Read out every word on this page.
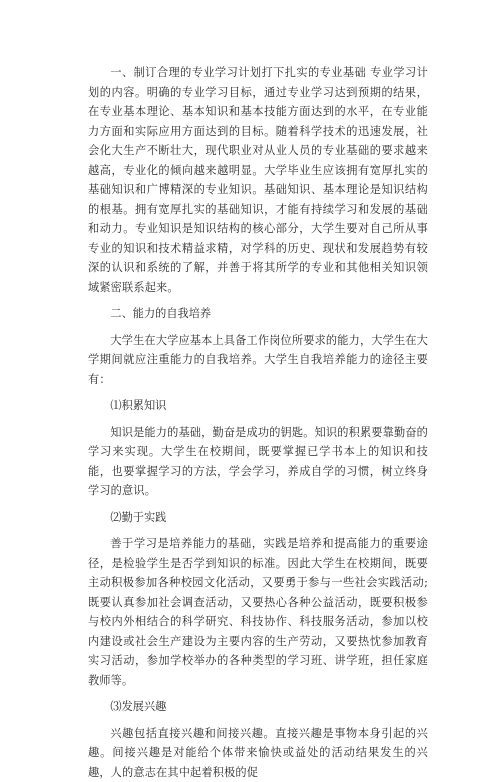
一、制订合理的专业学习计划打下扎实的专业基础 专业学习计划的内容。明确的专业学习目标，通过专业学习达到预期的结果，在专业基本理论、基本知识和基本技能方面达到的水平，在专业能力方面和实际应用方面达到的目标。随着科学技术的迅速发展，社会化大生产不断壮大，现代职业对从业人员的专业基础的要求越来越高，专业化的倾向越来越明显。大学毕业生应该拥有宽厚扎实的基础知识和广博精深的专业知识。基础知识、基本理论是知识结构的根基。拥有宽厚扎实的基础知识，才能有持续学习和发展的基础和动力。专业知识是知识结构的核心部分，大学生要对自己所从事专业的知识和技术精益求精，对学科的历史、现状和发展趋势有较深的认识和系统的了解，并善于将其所学的专业和其他相关知识领域紧密联系起来。

二、能力的自我培养

大学生在大学应基本上具备工作岗位所要求的能力，大学生在大学期间就应注重能力的自我培养。大学生自我培养能力的途径主要有：

⑴积累知识

知识是能力的基础，勤奋是成功的钥匙。知识的积累要靠勤奋的学习来实现。大学生在校期间，既要掌握已学书本上的知识和技能，也要掌握学习的方法，学会学习，养成自学的习惯，树立终身学习的意识。

⑵勤于实践

善于学习是培养能力的基础，实践是培养和提高能力的重要途径，是检验学生是否学到知识的标准。因此大学生在校期间，既要主动积极参加各种校园文化活动，又要勇于参与一些社会实践活动;既要认真参加社会调查活动，又要热心各种公益活动，既要积极参与校内外相结合的科学研究、科技协作、科技服务活动，参加以校内建设或社会生产建设为主要内容的生产劳动，又要热忱参加教育实习活动，参加学校举办的各种类型的学习班、讲学班，担任家庭教师等。

⑶发展兴趣

兴趣包括直接兴趣和间接兴趣。直接兴趣是事物本身引起的兴趣。间接兴趣是对能给个体带来愉快或益处的活动结果发生的兴趣，人的意志在其中起着积极的促
